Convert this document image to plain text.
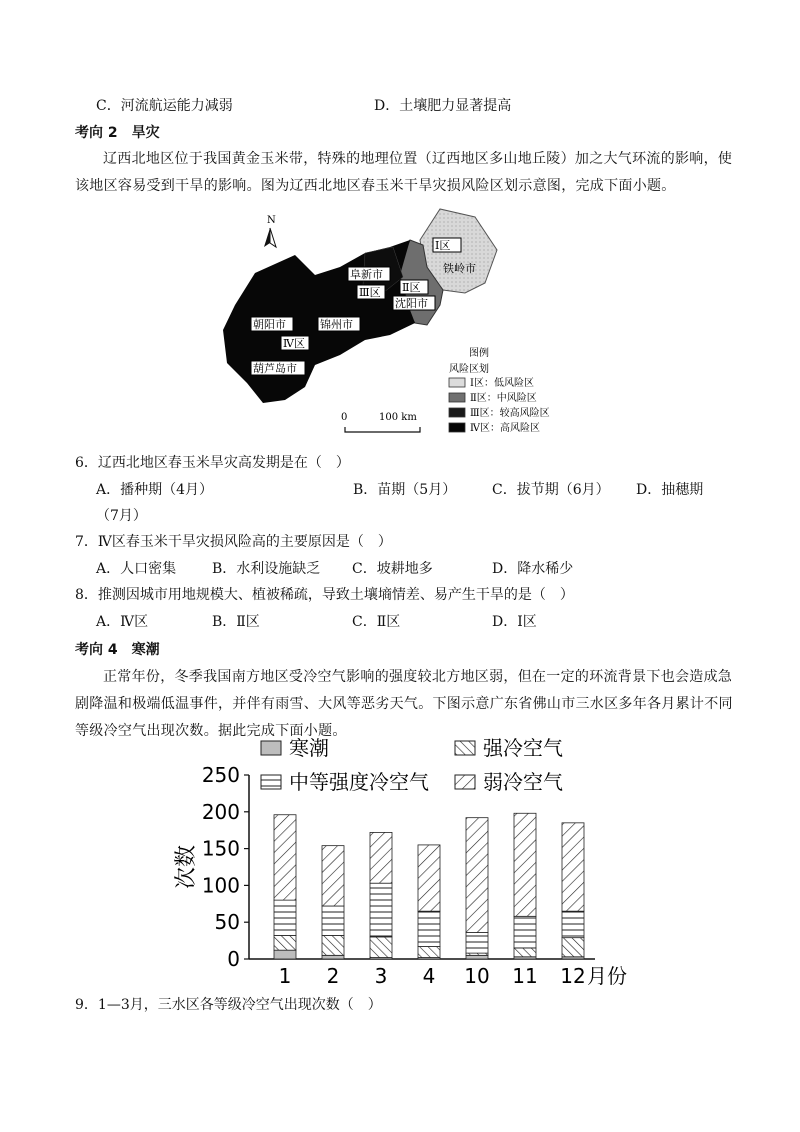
C．河流航运能力减弱	D．土壤肥力显著提高
考向 2　旱灾
辽西北地区位于我国黄金玉米带，特殊的地理位置（辽西地区多山地丘陵）加之大气环流的影响，使该地区容易受到干旱的影响。图为辽西北地区春玉米干旱灾损风险区划示意图，完成下面小题。
N
阜新市
Ⅲ区 Ⅱ区
沈阳市
Ⅰ区
铁岭市
朝阳市	锦州市
Ⅳ区
葫芦岛市
0	100 km
图例
风险区划
Ⅰ区：低风险区
Ⅱ区：中风险区
Ⅲ区：较高风险区
Ⅳ区：高风险区
6．辽西北地区春玉米旱灾高发期是在（　）
A．播种期（4月）	B．苗期（5月）	C．拔节期（6月） D．抽穗期
（7月）
7．Ⅳ区春玉米干旱灾损风险高的主要原因是（　）
A．人口密集	B．水利设施缺乏 C．坡耕地多	D．降水稀少
8．推测因城市用地规模大、植被稀疏，导致土壤墒情差、易产生干旱的是（　）
A．Ⅳ区	B．Ⅱ区	C．Ⅱ区	D．Ⅰ区
考向 4　寒潮
正常年份，冬季我国南方地区受冷空气影响的强度较北方地区弱，但在一定的环流背景下也会造成急剧降温和极端低温事件，并伴有雨雪、大风等恶劣天气。下图示意广东省佛山市三水区多年各月累计不同等级冷空气出现次数。据此完成下面小题。
0
50
100
150
200
250
次数
1 2 3 4 10 11 12 月份
寒潮	强冷空气
中等强度冷空气	弱冷空气
9．1—3月，三水区各等级冷空气出现次数（　）
